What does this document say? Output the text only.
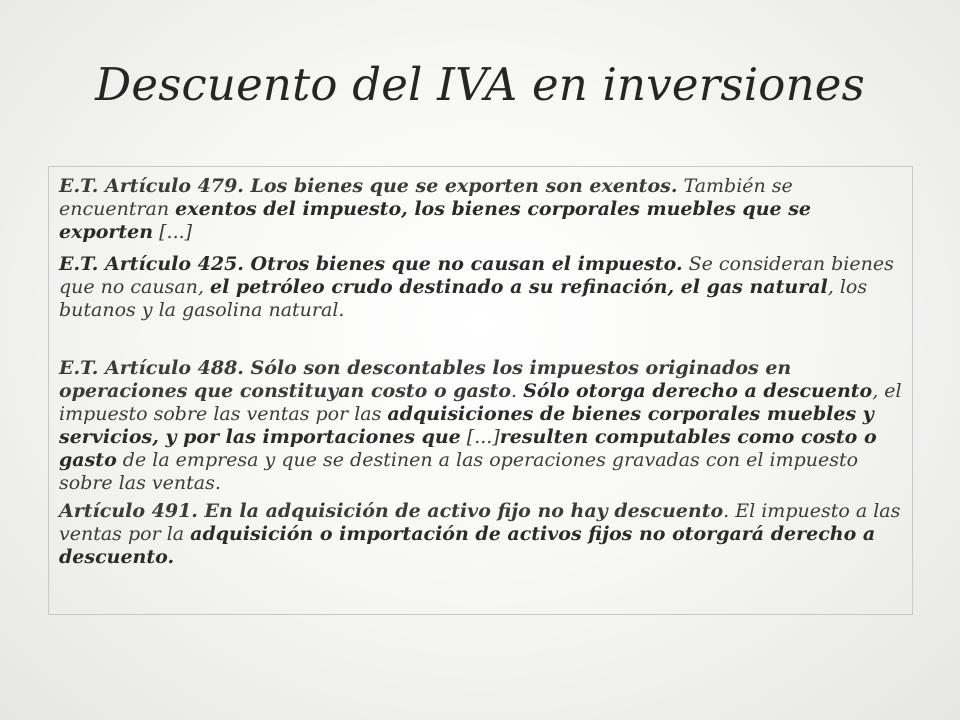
Descuento del IVA en inversiones

E.T. Artículo 479. Los bienes que se exporten son exentos. También se encuentran exentos del impuesto, los bienes corporales muebles que se exporten [...]

E.T. Artículo 425. Otros bienes que no causan el impuesto. Se consideran bienes que no causan, el petróleo crudo destinado a su refinación, el gas natural, los butanos y la gasolina natural.

E.T. Artículo 488. Sólo son descontables los impuestos originados en operaciones que constituyan costo o gasto. Sólo otorga derecho a descuento, el impuesto sobre las ventas por las adquisiciones de bienes corporales muebles y servicios, y por las importaciones que [...]resulten computables como costo o gasto de la empresa y que se destinen a las operaciones gravadas con el impuesto sobre las ventas.

Artículo 491. En la adquisición de activo fijo no hay descuento. El impuesto a las ventas por la adquisición o importación de activos fijos no otorgará derecho a descuento.
